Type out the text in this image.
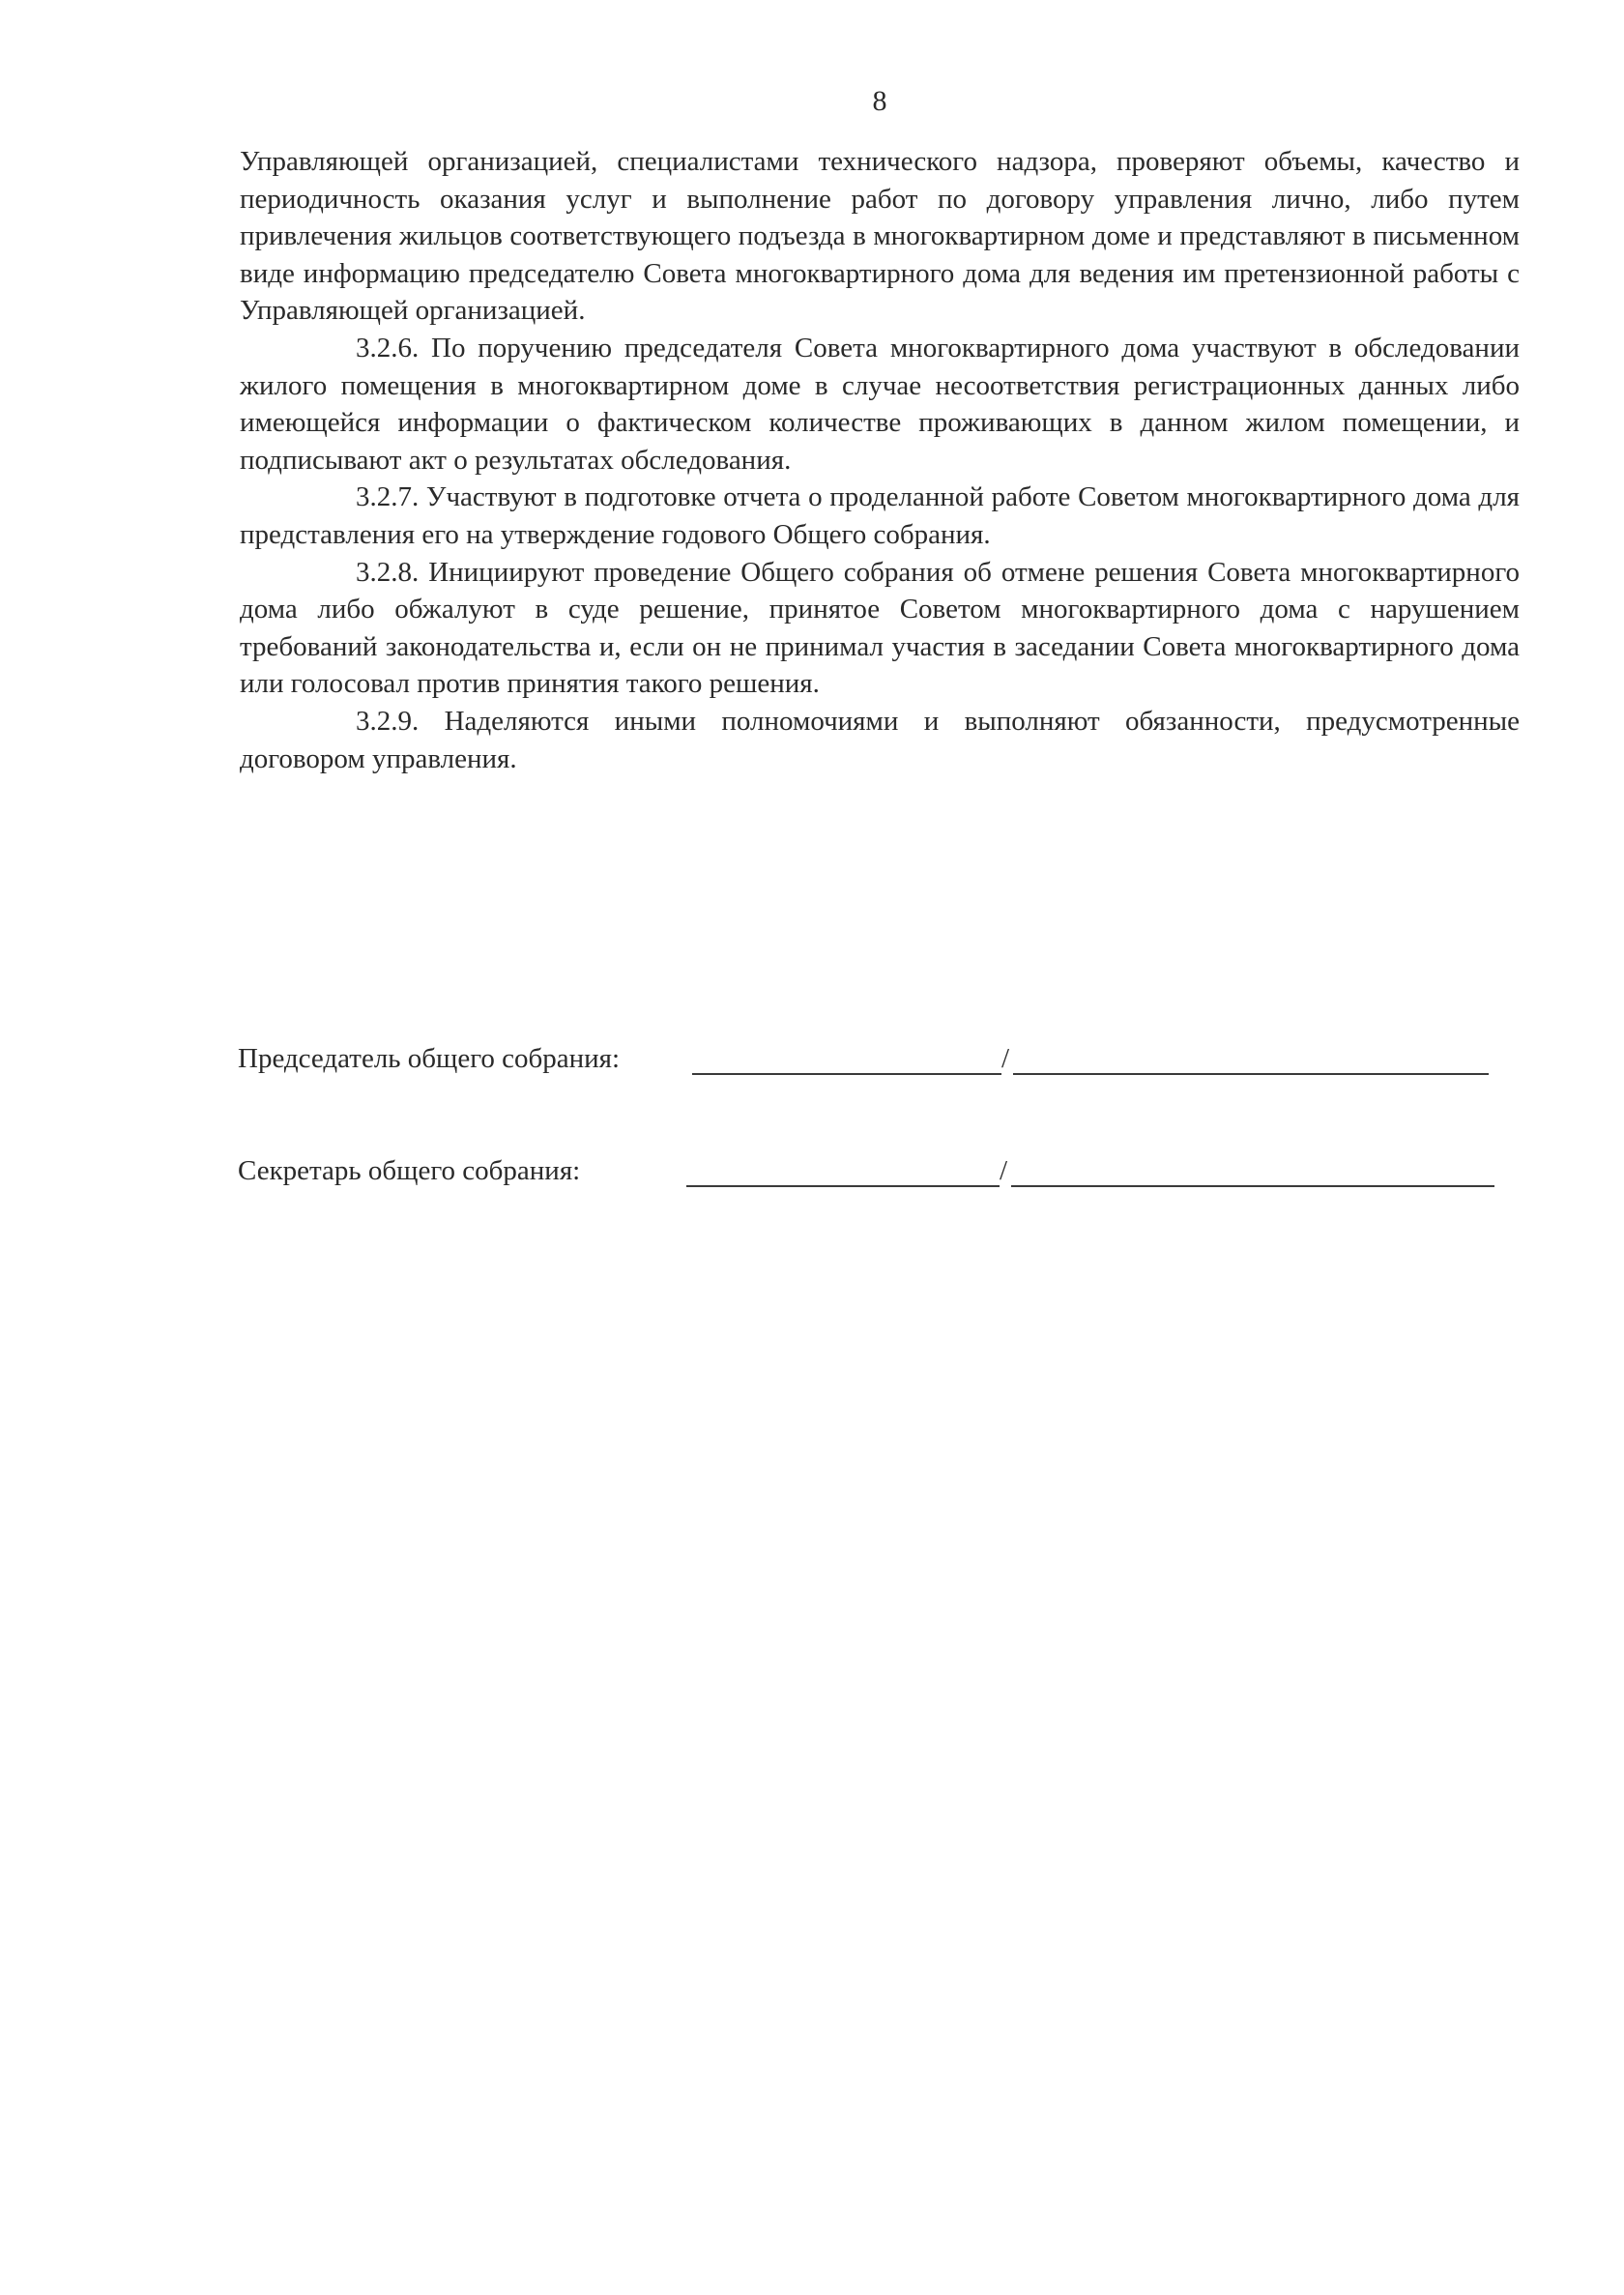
8

Управляющей организацией, специалистами технического надзора, проверяют объемы, качество и периодичность оказания услуг и выполнение работ по договору управления лично, либо путем привлечения жильцов соответствующего подъезда в многоквартирном доме и представляют в письменном виде информацию председателю Совета многоквартирного дома для ведения им претензионной работы с Управляющей организацией.

3.2.6. По поручению председателя Совета многоквартирного дома участвуют в обследовании жилого помещения в многоквартирном доме в случае несоответствия регистрационных данных либо имеющейся информации о фактическом количестве проживающих в данном жилом помещении, и подписывают акт о результатах обследования.

3.2.7. Участвуют в подготовке отчета о проделанной работе Советом многоквартирного дома для представления его на утверждение годового Общего собрания.

3.2.8. Инициируют проведение Общего собрания об отмене решения Совета многоквартирного дома либо обжалуют в суде решение, принятое Советом многоквартирного дома с нарушением требований законодательства и, если он не принимал участия в заседании Совета многоквартирного дома или голосовал против принятия такого решения.

3.2.9. Наделяются иными полномочиями и выполняют обязанности, предусмотренные договором управления.

Председатель общего собрания:	/
Секретарь общего собрания:	/
